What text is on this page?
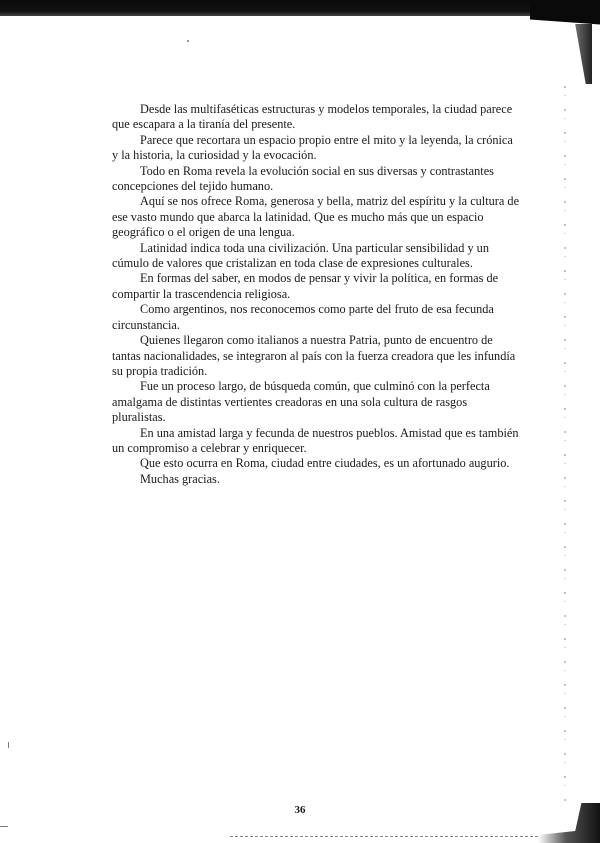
Desde las multifaséticas estructuras y modelos temporales, la ciudad parece que escapara a la tiranía del presente.

Parece que recortara un espacio propio entre el mito y la leyenda, la crónica y la historia, la curiosidad y la evocación.

Todo en Roma revela la evolución social en sus diversas y contrastantes concepciones del tejido humano.

Aquí se nos ofrece Roma, generosa y bella, matriz del espíritu y la cultura de ese vasto mundo que abarca la latinidad. Que es mucho más que un espacio geográfico o el origen de una lengua.

Latinidad indica toda una civilización. Una particular sensibilidad y un cúmulo de valores que cristalizan en toda clase de expresiones culturales.

En formas del saber, en modos de pensar y vivir la política, en formas de compartir la trascendencia religiosa.

Como argentinos, nos reconocemos como parte del fruto de esa fecunda circunstancia.

Quienes llegaron como italianos a nuestra Patria, punto de encuentro de tantas nacionalidades, se integraron al país con la fuerza creadora que les infundía su propia tradición.

Fue un proceso largo, de búsqueda común, que culminó con la perfecta amalgama de distintas vertientes creadoras en una sola cultura de rasgos pluralistas.

En una amistad larga y fecunda de nuestros pueblos. Amistad que es también un compromiso a celebrar y enriquecer.

Que esto ocurra en Roma, ciudad entre ciudades, es un afortunado augurio.

Muchas gracias.

36
